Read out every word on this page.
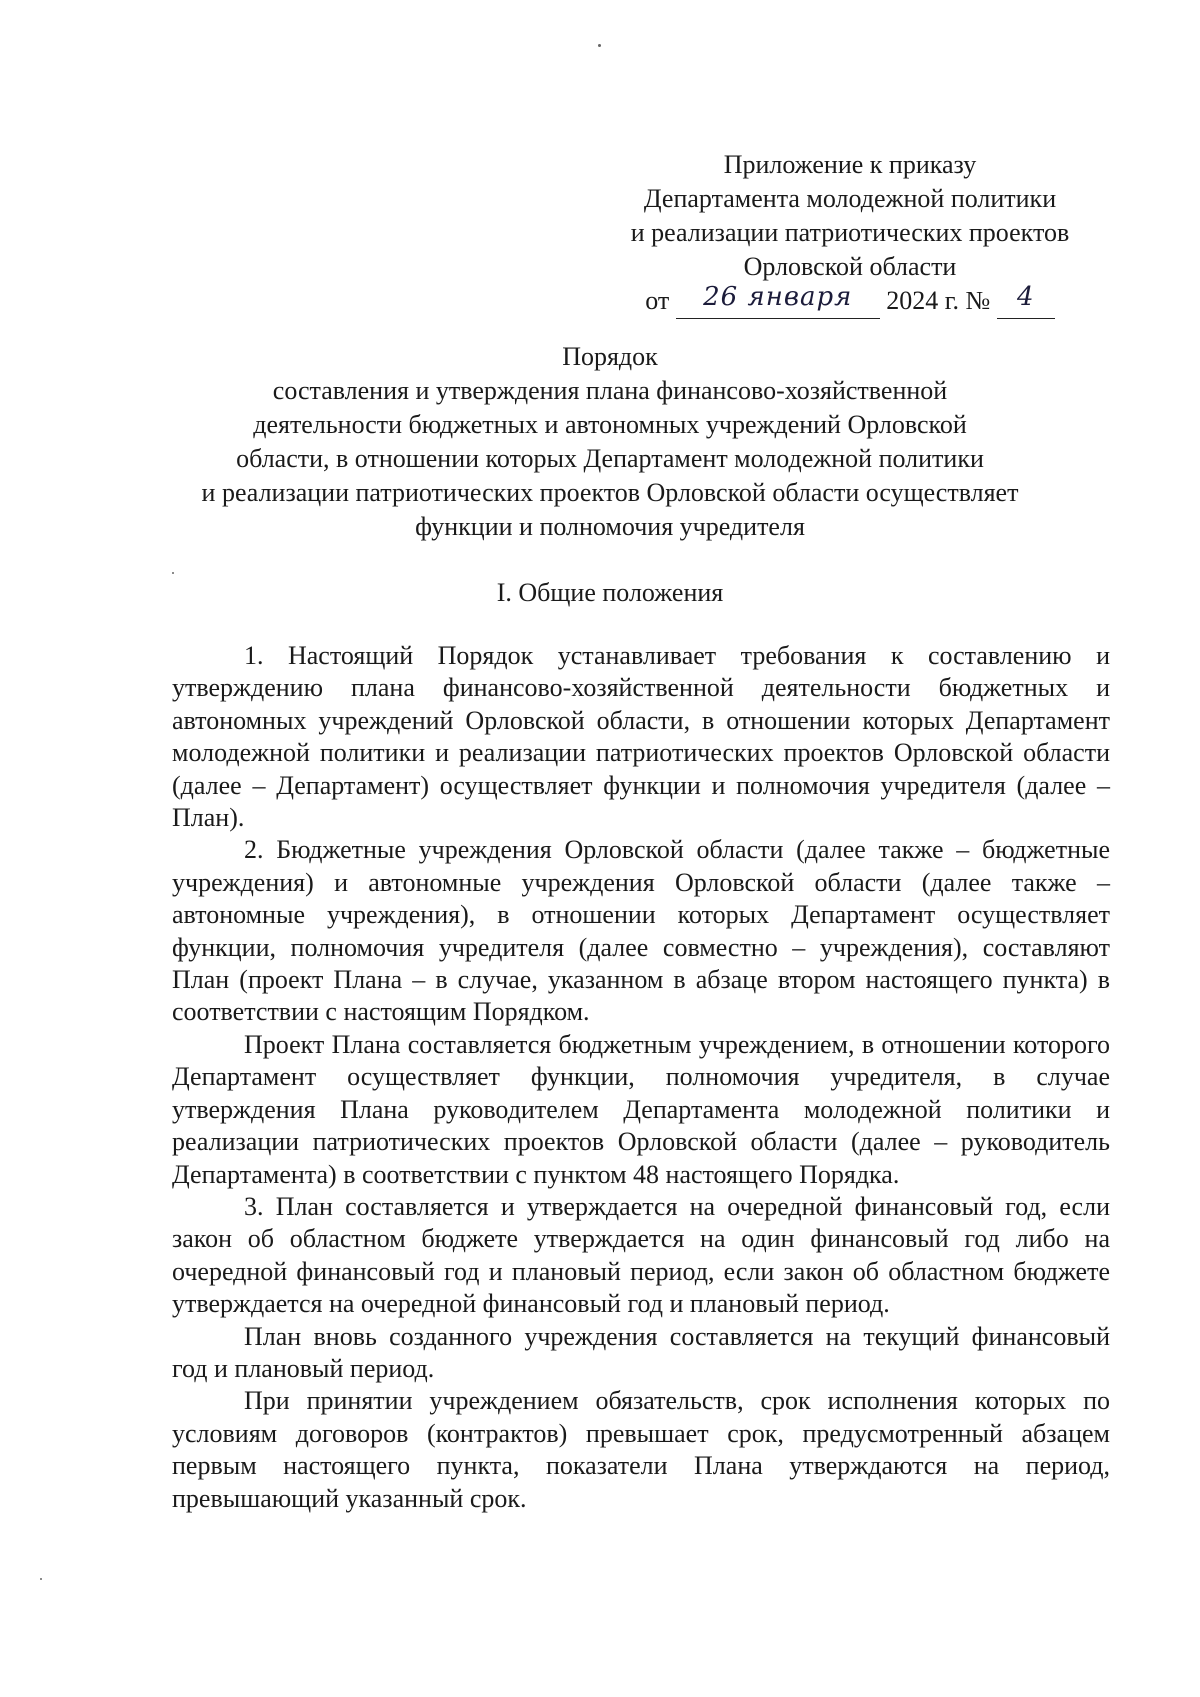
Приложение к приказу
Департамента молодежной политики
и реализации патриотических проектов
Орловской области
от 26 января 2024 г. № 4
Порядок
составления и утверждения плана финансово-хозяйственной
деятельности бюджетных и автономных учреждений Орловской
области, в отношении которых Департамент молодежной политики
и реализации патриотических проектов Орловской области осуществляет
функции и полномочия учредителя
I. Общие положения

1. Настоящий Порядок устанавливает требования к составлению и утверждению плана финансово-хозяйственной деятельности бюджетных и автономных учреждений Орловской области, в отношении которых Департамент молодежной политики и реализации патриотических проектов Орловской области (далее – Департамент) осуществляет функции и полномочия учредителя (далее – План).

2. Бюджетные учреждения Орловской области (далее также – бюджетные учреждения) и автономные учреждения Орловской области (далее также – автономные учреждения), в отношении которых Департамент осуществляет функции, полномочия учредителя (далее совместно – учреждения), составляют План (проект Плана – в случае, указанном в абзаце втором настоящего пункта) в соответствии с настоящим Порядком.

Проект Плана составляется бюджетным учреждением, в отношении которого Департамент осуществляет функции, полномочия учредителя, в случае утверждения Плана руководителем Департамента молодежной политики и реализации патриотических проектов Орловской области (далее – руководитель Департамента) в соответствии с пунктом 48 настоящего Порядка.

3. План составляется и утверждается на очередной финансовый год, если закон об областном бюджете утверждается на один финансовый год либо на очередной финансовый год и плановый период, если закон об областном бюджете утверждается на очередной финансовый год и плановый период.

План вновь созданного учреждения составляется на текущий финансовый год и плановый период.

При принятии учреждением обязательств, срок исполнения которых по условиям договоров (контрактов) превышает срок, предусмотренный абзацем первым настоящего пункта, показатели Плана утверждаются на период, превышающий указанный срок.
